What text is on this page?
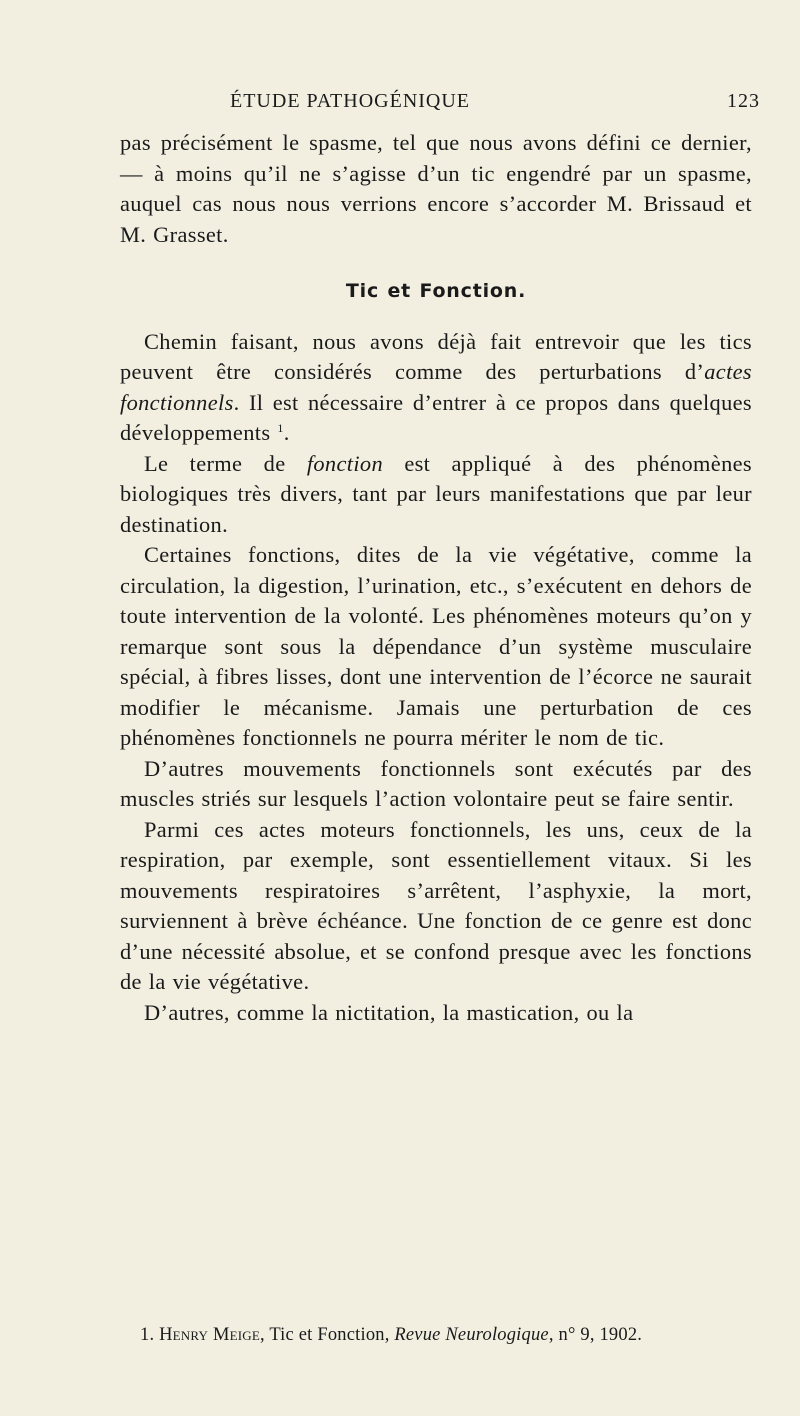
ÉTUDE PATHOGÉNIQUE	123

pas précisément le spasme, tel que nous avons défini ce dernier, — à moins qu’il ne s’agisse d’un tic engendré par un spasme, auquel cas nous nous verrions encore s’accorder M. Brissaud et M. Grasset.

Tic et Fonction.

Chemin faisant, nous avons déjà fait entrevoir que les tics peuvent être considérés comme des perturbations d’actes fonctionnels. Il est nécessaire d’entrer à ce propos dans quelques développements $^1$.

Le terme de fonction est appliqué à des phénomènes biologiques très divers, tant par leurs manifestations que par leur destination.

Certaines fonctions, dites de la vie végétative, comme la circulation, la digestion, l’urination, etc., s’exécutent en dehors de toute intervention de la volonté. Les phénomènes moteurs qu’on y remarque sont sous la dépendance d’un système musculaire spécial, à fibres lisses, dont une intervention de l’écorce ne saurait modifier le mécanisme. Jamais une perturbation de ces phénomènes fonctionnels ne pourra mériter le nom de tic.

D’autres mouvements fonctionnels sont exécutés par des muscles striés sur lesquels l’action volontaire peut se faire sentir.

Parmi ces actes moteurs fonctionnels, les uns, ceux de la respiration, par exemple, sont essentiellement vitaux. Si les mouvements respiratoires s’arrêtent, l’asphyxie, la mort, surviennent à brève échéance. Une fonction de ce genre est donc d’une nécessité absolue, et se confond presque avec les fonctions de la vie végétative.

D’autres, comme la nictitation, la mastication, ou la

1. Henry Meige, Tic et Fonction, Revue Neurologique, n° 9, 1902.
